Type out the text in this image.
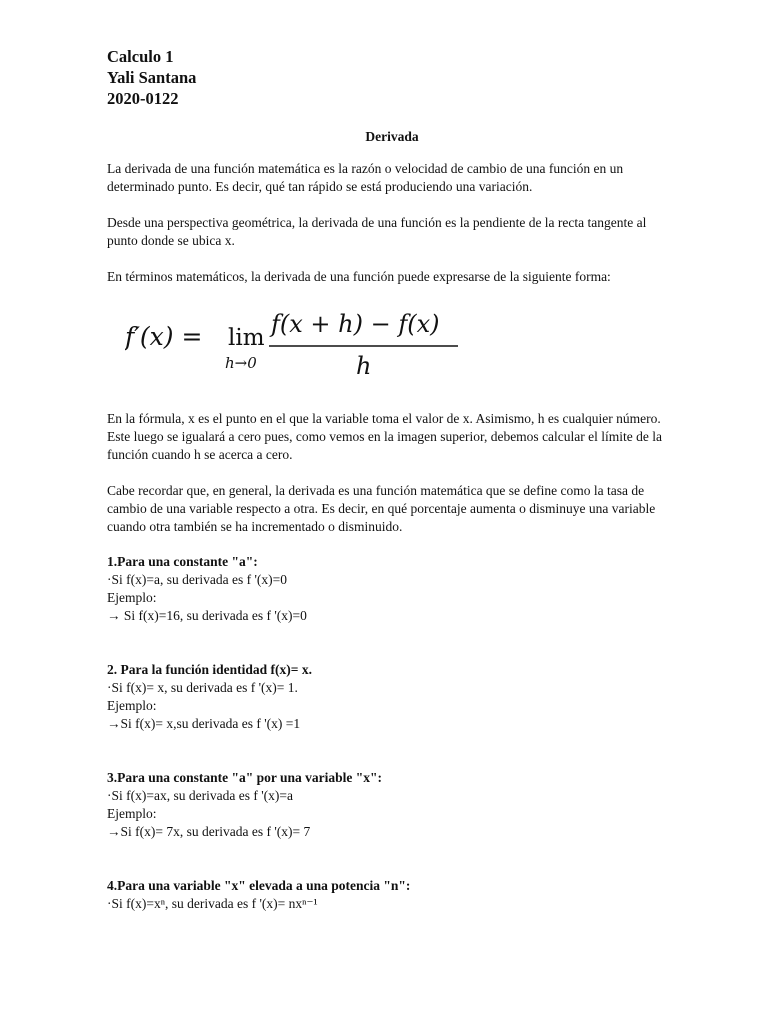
Calculo 1
Yali Santana
2020-0122
Derivada

La derivada de una función matemática es la razón o velocidad de cambio de una función en un determinado punto. Es decir, qué tan rápido se está produciendo una variación.

Desde una perspectiva geométrica, la derivada de una función es la pendiente de la recta tangente al punto donde se ubica x.

En términos matemáticos, la derivada de una función puede expresarse de la siguiente forma:

f′(x) = lim
h→0
f(x + h) − f(x)
h

En la fórmula, x es el punto en el que la variable toma el valor de x. Asimismo, h es cualquier número. Este luego se igualará a cero pues, como vemos en la imagen superior, debemos calcular el límite de la función cuando h se acerca a cero.

Cabe recordar que, en general, la derivada es una función matemática que se define como la tasa de cambio de una variable respecto a otra. Es decir, en qué porcentaje aumenta o disminuye una variable cuando otra también se ha incrementado o disminuido.

1.Para una constante "a":
·Si f(x)=a, su derivada es f '(x)=0
Ejemplo:
→ Si f(x)=16, su derivada es f '(x)=0
2. Para la función identidad f(x)= x.
·Si f(x)= x, su derivada es f '(x)= 1.
Ejemplo:
→Si f(x)= x,su derivada es f '(x) =1
3.Para una constante "a" por una variable "x":
·Si f(x)=ax, su derivada es f '(x)=a
Ejemplo:
→Si f(x)= 7x, su derivada es f '(x)= 7
4.Para una variable "x" elevada a una potencia "n":
·Si f(x)=xⁿ, su derivada es f '(x)= nxⁿ⁻¹
